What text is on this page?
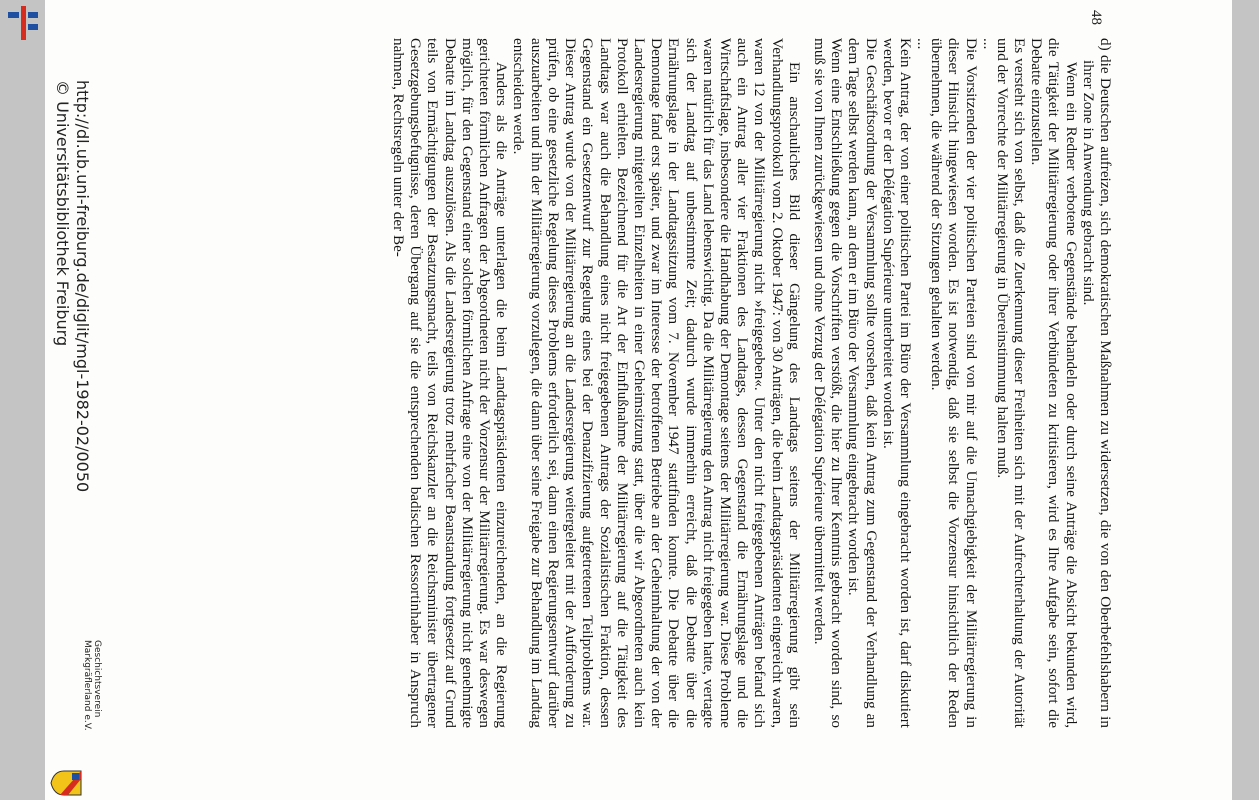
48

d) die Deutschen aufreizen, sich demokratischen Maßnahmen zu widersetzen, die von den Oberbefehlshabern in ihrer Zone in Anwendung gebracht sind.

Wenn ein Redner verbotene Gegenstände behandeln oder durch seine Anträge die Absicht bekunden wird, die Tätigkeit der Militärregierung oder ihrer Verbündeten zu kritisieren, wird es Ihre Aufgabe sein, sofort die Debatte einzustellen.

Es versteht sich von selbst, daß die Zuerkennung dieser Freiheiten sich mit der Aufrechterhaltung der Autorität und der Vorrechte der Militärregierung in Übereinstimmung halten muß.

...

Die Vorsitzenden der vier politischen Parteien sind von mir auf die Unnachgiebigkeit der Militärregierung in dieser Hinsicht hingewiesen worden. Es ist notwendig, daß sie selbst die Vorzensur hinsichtlich der Reden übernehmen, die während der Sitzungen gehalten werden.

...

Kein Antrag, der von einer politischen Partei im Büro der Versammlung eingebracht worden ist, darf diskutiert werden, bevor er der Délégation Supérieure unterbreitet worden ist.

Die Geschäftsordnung der Versammlung sollte vorsehen, daß kein Antrag zum Gegenstand der Verhandlung an dem Tage selbst werden kann, an dem er im Büro der Versammlung eingebracht worden ist.

Wenn eine Entschließung gegen die Vorschriften verstößt, die hier zu Ihrer Kenntnis gebracht worden sind, so muß sie von Ihnen zurückgewiesen und ohne Verzug der Délégation Supérieure übermittelt werden.

Ein anschauliches Bild dieser Gängelung des Landtags seitens der Militärregierung gibt sein Verhandlungsprotokoll vom 2. Oktober 1947: von 30 Anträgen, die beim Landtagspräsidenten eingereicht waren, waren 12 von der Militärregierung nicht »freigegeben«. Unter den nicht freigegebenen Anträgen befand sich auch ein Antrag aller vier Fraktionen des Landtags, dessen Gegenstand die Ernährungslage und die Wirtschaftslage, insbesondere die Handhabung der Demontage seitens der Militärregierung war. Diese Probleme waren natürlich für das Land lebenswichtig. Da die Militärregierung den Antrag nicht freigegeben hatte, vertagte sich der Landtag auf unbestimmte Zeit; dadurch wurde immerhin erreicht, daß die Debatte über die Ernährungslage in der Landtagssitzung vom 7. November 1947 stattfinden konnte. Die Debatte über die Demontage fand erst später, und zwar im Interesse der betroffenen Betriebe an der Geheimhaltung der von der Landesregierung mitgeteilten Einzelheiten in einer Geheimsitzung statt, über die wir Abgeordneten auch kein Protokoll erhielten. Bezeichnend für die Art der Einflußnahme der Militärregierung auf die Tätigkeit des Landtags war auch die Behandlung eines nicht freigegebenen Antrags der Sozialistischen Fraktion, dessen Gegenstand ein Gesetzentwurf zur Regelung eines bei der Denazifizierung aufgetretenen Teilproblems war. Dieser Antrag wurde von der Militärregierung an die Landesregierung weitergeleitet mit der Aufforderung zu prüfen, ob eine gesetzliche Regelung dieses Problems erforderlich sei, dann einen Regierungsentwurf darüber auszuarbeiten und ihn der Militärregierung vorzulegen, die dann über seine Freigabe zur Behandlung im Landtag entscheiden werde.

Anders als die Anträge unterlagen die beim Landtagspräsidenten einzureichenden, an die Regierung gerichteten förmlichen Anfragen der Abgeordneten nicht der Vorzensur der Militärregierung. Es war deswegen möglich, für den Gegenstand einer solchen förmlichen Anfrage eine von der Militärregierung nicht genehmigte Debatte im Landtag auszulösen. Als die Landesregierung trotz mehrfacher Beanstandung fortgesetzt auf Grund teils von Ermächtigungen der Besatzungsmacht, teils von Reichskanzler an die Reichsminister übertragener Gesetzgebungsbefugnisse, deren Übergang auf sie die entsprechenden badischen Ressortinhaber in Anspruch nahmen, Rechtsregeln unter der Be-

http://dl.ub.uni-freiburg.de/diglit/mgl-1982-02/0050
© Universitätsbibliothek Freiburg
Geschichtsverein
Markgräflerland e.V.
